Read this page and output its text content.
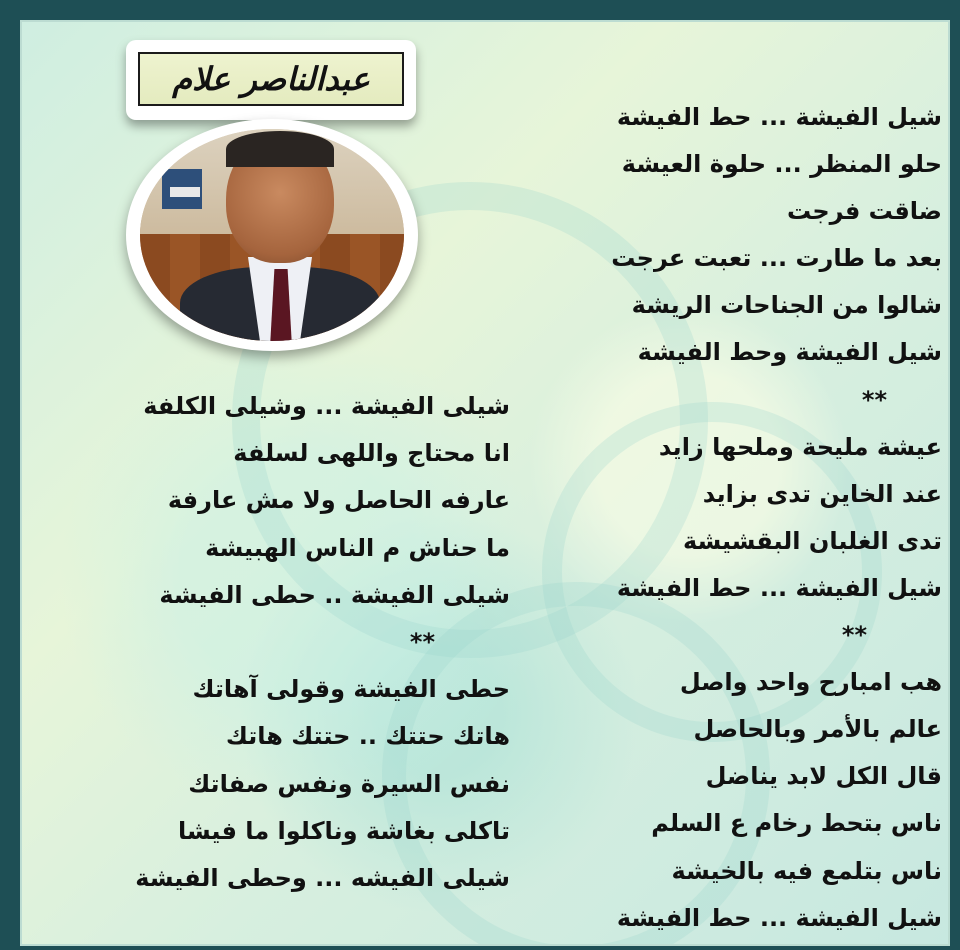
عبدالناصر علام
شيل الفيشة ... حط الفيشة
حلو المنظر ... حلوة العيشة
ضاقت فرجت
بعد ما طارت ... تعبت عرجت
شالوا من الجناحات الريشة
شيل الفيشة وحط الفيشة
**
عيشة مليحة وملحها زايد
عند الخاين تدى بزايد
تدى الغلبان البقشيشة
شيل الفيشة ... حط الفيشة
**
هب امبارح واحد واصل
عالم بالأمر وبالحاصل
قال الكل لابد يناضل
ناس بتحط رخام ع السلم
ناس بتلمع فيه بالخيشة
شيل الفيشة ... حط الفيشة
شيلى الفيشة ... وشيلى الكلفة
انا محتاج واللهى لسلفة
عارفه الحاصل ولا مش عارفة
ما حناش م الناس الهبيشة
شيلى الفيشة .. حطى الفيشة
**
حطى الفيشة وقولى آهاتك
هاتك حتتك .. حتتك هاتك
نفس السيرة ونفس صفاتك
تاكلى بغاشة وناكلوا ما فيشا
شيلى الفيشه ... وحطى الفيشة
